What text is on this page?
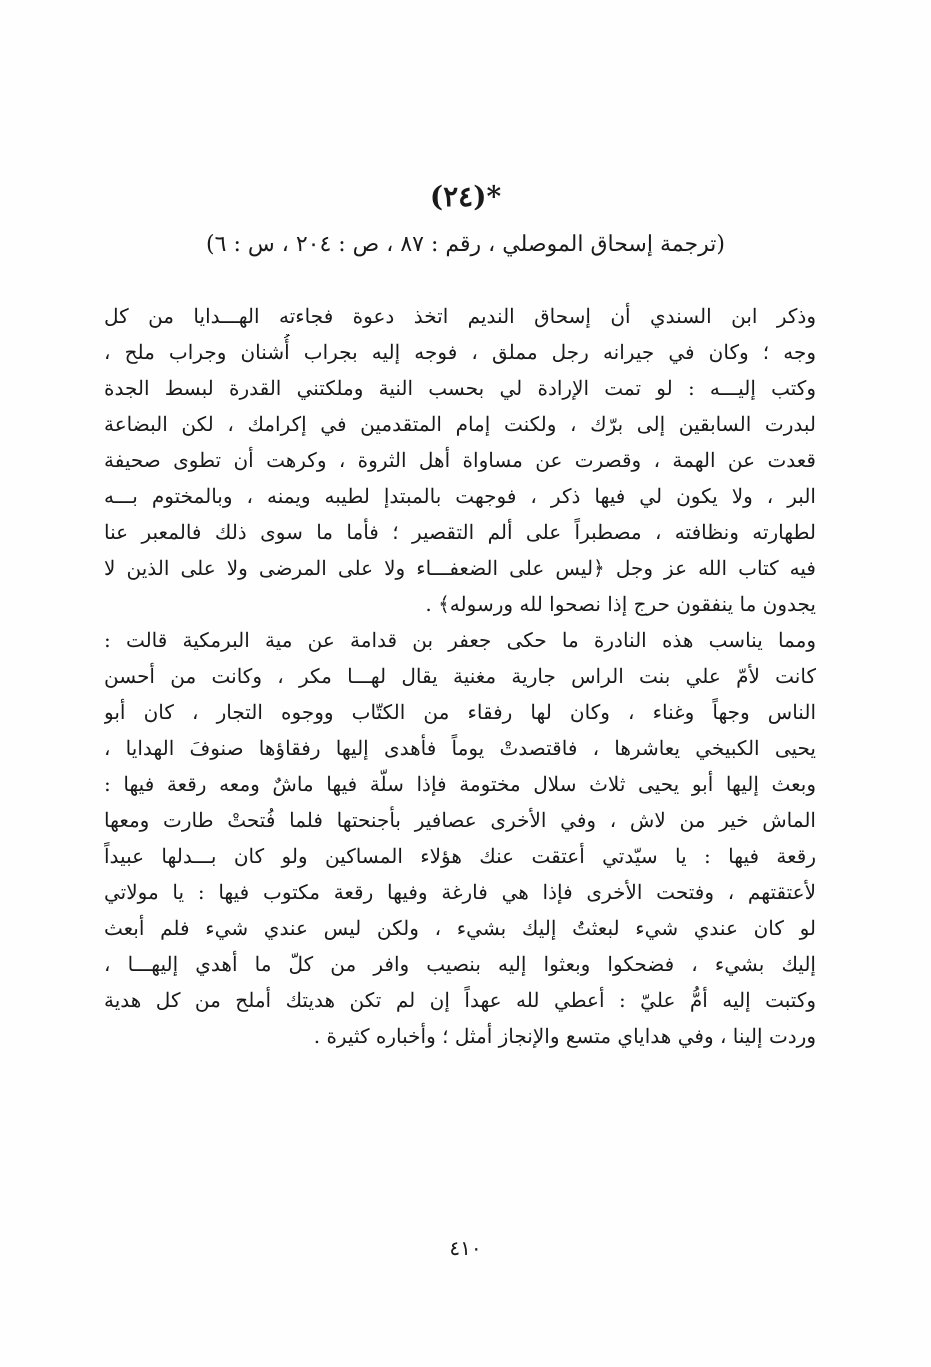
*(٢٤)
(ترجمة إسحاق الموصلي ، رقم : ٨٧ ، ص : ٢٠٤ ، س : ٦)

وذكر ابن السندي أن إسحاق النديم اتخذ دعوة فجاءته الهـــدايا من كل
وجه ؛ وكان في جيرانه رجل مملق ، فوجه إليه بجراب أُشنان وجراب ملح ،
وكتب إليـــه : لو تمت الإرادة لي بحسب النية وملكتني القدرة لبسط الجدة
لبدرت السابقين إلى برّك ، ولكنت إمام المتقدمين في إكرامك ، لكن البضاعة
قعدت عن الهمة ، وقصرت عن مساواة أهل الثروة ، وكرهت أن تطوى صحيفة
البر ، ولا يكون لي فيها ذكر ، فوجهت بالمبتدإ لطيبه ويمنه ، وبالمختوم بـــه
لطهارته ونظافته ، مصطبراً على ألم التقصير ؛ فأما ما سوى ذلك فالمعبر عنا
فيه كتاب الله عز وجل ﴿ليس على الضعفـــاء ولا على المرضى ولا على الذين لا
يجدون ما ينفقون حرج إذا نصحوا لله ورسوله﴾ .

ومما يناسب هذه النادرة ما حكى جعفر بن قدامة عن مية البرمكية قالت :
كانت لأمّ علي بنت الراس جارية مغنية يقال لهـــا مكر ، وكانت من أحسن
الناس وجهاً وغناء ، وكان لها رفقاء من الكتّاب ووجوه التجار ، كان أبو
يحيى الكبيخي يعاشرها ، فاقتصدتْ يوماً فأهدى إليها رفقاؤها صنوفَ الهدايا ،
وبعث إليها أبو يحيى ثلاث سلال مختومة فإذا سلّة فيها ماشٌ ومعه رقعة فيها :
الماش خير من لاش ، وفي الأخرى عصافير بأجنحتها فلما فُتحتْ طارت ومعها
رقعة فيها : يا سيّدتي أعتقت عنك هؤلاء المساكين ولو كان بـــدلها عبيداً
لأعتقتهم ، وفتحت الأخرى فإذا هي فارغة وفيها رقعة مكتوب فيها : يا مولاتي
لو كان عندي شيء لبعثتُ إليك بشيء ، ولكن ليس عندي شيء فلم أبعث
إليك بشيء ، فضحكوا وبعثوا إليه بنصيب وافر من كلّ ما أهدي إليهـــا ،
وكتبت إليه أمُّ عليّ : أعطي لله عهداً إن لم تكن هديتك أملح من كل هدية
وردت إلينا ، وفي هداياي متسع والإنجاز أمثل ؛ وأخباره كثيرة .

٤١٠
